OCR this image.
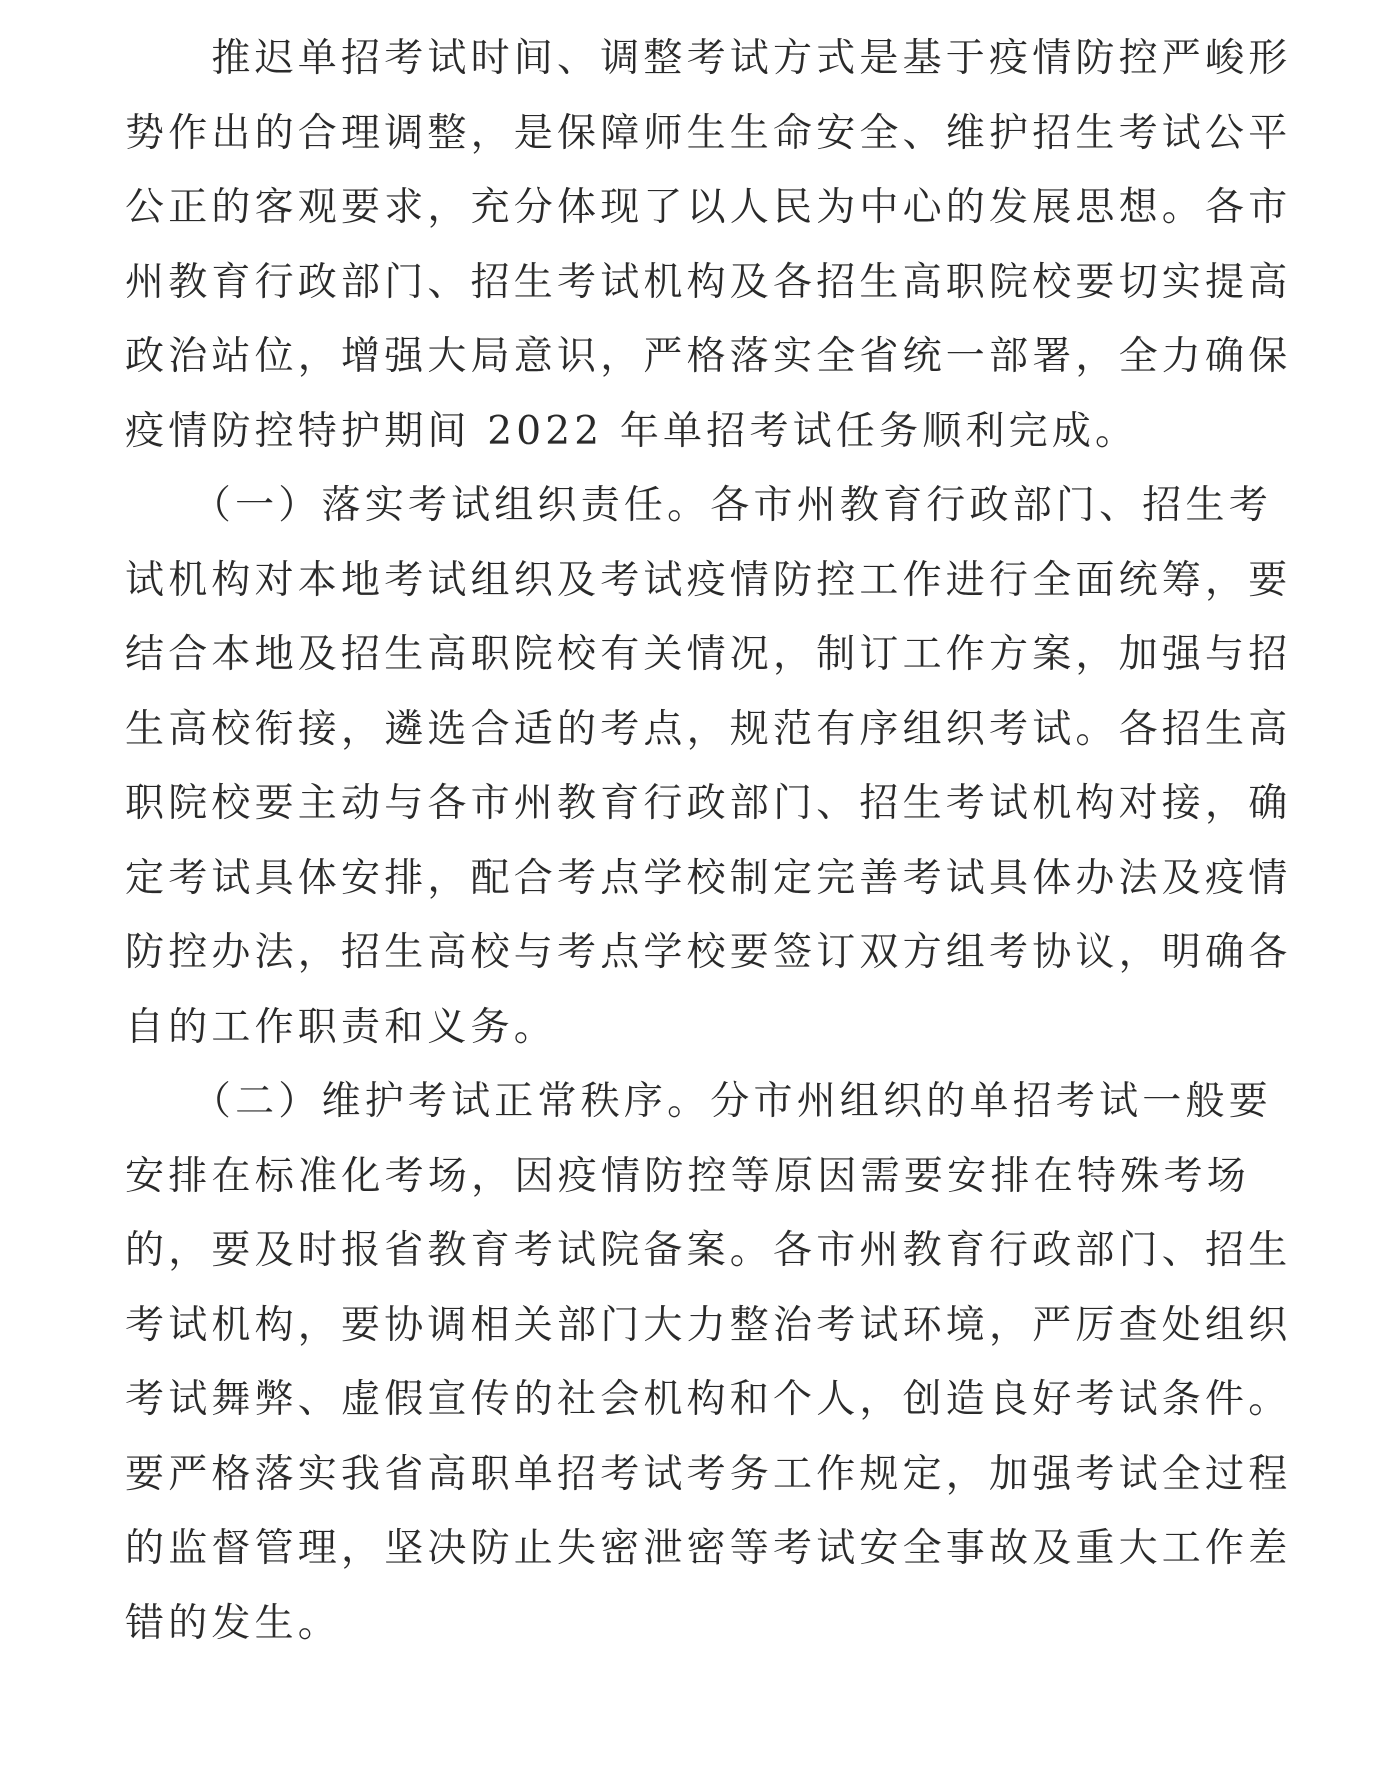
　　推迟单招考试时间、调整考试方式是基于疫情防控严峻形
势作出的合理调整，是保障师生生命安全、维护招生考试公平
公正的客观要求，充分体现了以人民为中心的发展思想。各市
州教育行政部门、招生考试机构及各招生高职院校要切实提高
政治站位，增强大局意识，严格落实全省统一部署，全力确保
疫情防控特护期间 2022 年单招考试任务顺利完成。

　　（一）落实考试组织责任。各市州教育行政部门、招生考
试机构对本地考试组织及考试疫情防控工作进行全面统筹，要
结合本地及招生高职院校有关情况，制订工作方案，加强与招
生高校衔接，遴选合适的考点，规范有序组织考试。各招生高
职院校要主动与各市州教育行政部门、招生考试机构对接，确
定考试具体安排，配合考点学校制定完善考试具体办法及疫情
防控办法，招生高校与考点学校要签订双方组考协议，明确各
自的工作职责和义务。

　　（二）维护考试正常秩序。分市州组织的单招考试一般要
安排在标准化考场，因疫情防控等原因需要安排在特殊考场
的，要及时报省教育考试院备案。各市州教育行政部门、招生
考试机构，要协调相关部门大力整治考试环境，严厉查处组织
考试舞弊、虚假宣传的社会机构和个人，创造良好考试条件。
要严格落实我省高职单招考试考务工作规定，加强考试全过程
的监督管理，坚决防止失密泄密等考试安全事故及重大工作差
错的发生。
